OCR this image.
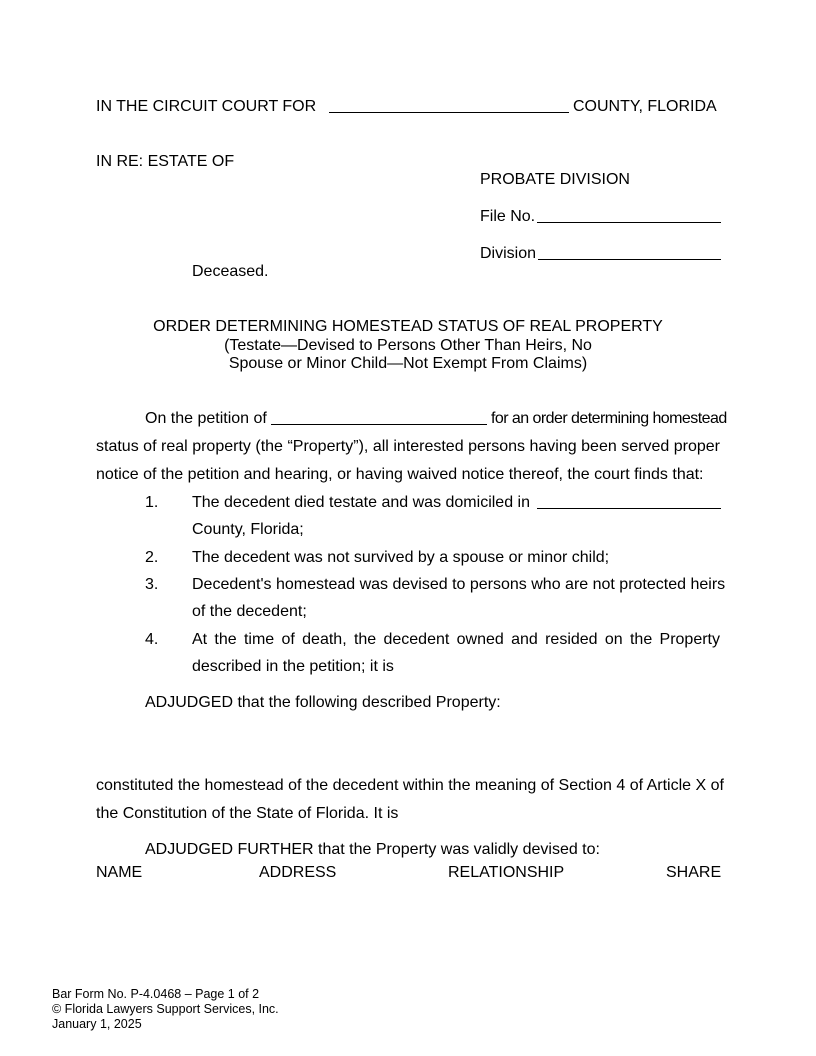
IN THE CIRCUIT COURT FOR	COUNTY, FLORIDA
IN RE: ESTATE OF
PROBATE DIVISION
File No.
Division
Deceased.
ORDER DETERMINING HOMESTEAD STATUS OF REAL PROPERTY
(Testate—Devised to Persons Other Than Heirs, No
Spouse or Minor Child—Not Exempt From Claims)
On the petition of	for an order determining homestead
status of real property (the “Property”), all interested persons having been served proper
notice of the petition and hearing, or having waived notice thereof, the court finds that:
1. The decedent died testate and was domiciled in
County, Florida;
2. The decedent was not survived by a spouse or minor child;
3. Decedent's homestead was devised to persons who are not protected heirs
of the decedent;
4. At the time of death, the decedent owned and resided on the Property
described in the petition; it is
ADJUDGED that the following described Property:
constituted the homestead of the decedent within the meaning of Section 4 of Article X of
the Constitution of the State of Florida. It is
ADJUDGED FURTHER that the Property was validly devised to:
NAME	ADDRESS	RELATIONSHIP	SHARE
Bar Form No. P-4.0468 – Page 1 of 2
© Florida Lawyers Support Services, Inc.
January 1, 2025
